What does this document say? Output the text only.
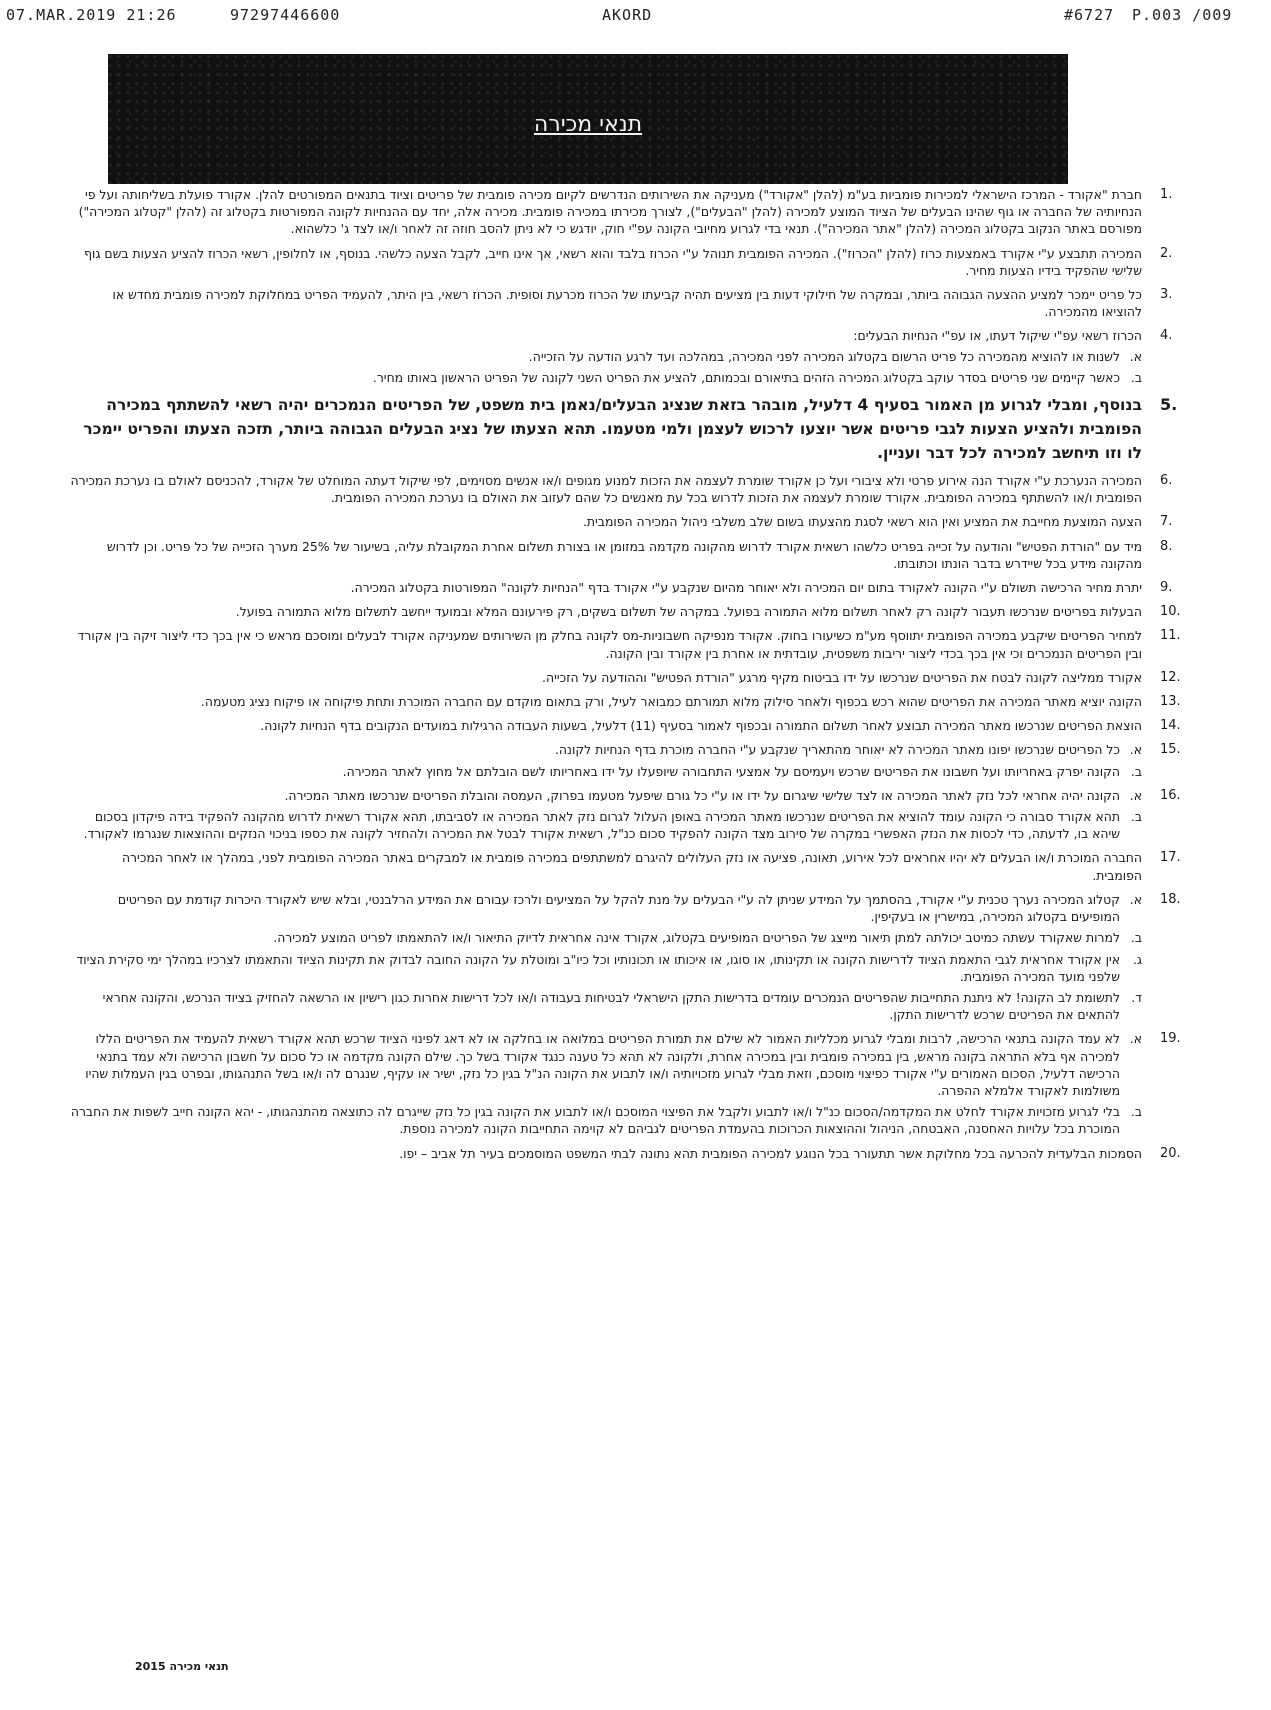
07.MAR.2019 21:26	97297446600	AKORD	#6727 P.003 /009
תנאי מכירה
1.

חברת "אקורד - המרכז הישראלי למכירות פומביות בע"מ (להלן "אקורד") מעניקה את השירותים הנדרשים לקיום מכירה פומבית של פריטים וציוד בתנאים המפורטים להלן. אקורד פועלת בשליחותה ועל פי הנחיותיה של החברה או גוף שהינו הבעלים של הציוד המוצע למכירה (להלן "הבעלים"), לצורך מכירתו במכירה פומבית. מכירה אלה, יחד עם ההנחיות לקונה המפורטות בקטלוג זה (להלן "קטלוג המכירה") מפורסם באתר הנקוב בקטלוג המכירה (להלן "אתר המכירה"). תנאי בדי לגרוע מחיובי הקונה עפ"י חוק, יודגש כי לא ניתן להסב חוזה זה לאחר ו/או לצד ג' כלשהוא.

2.

המכירה תתבצע ע"י אקורד באמצעות כרוז (להלן "הכרוז"). המכירה הפומבית תנוהל ע"י הכרוז בלבד והוא רשאי, אך אינו חייב, לקבל הצעה כלשהי. בנוסף, או לחלופין, רשאי הכרוז להציע הצעות בשם גוף שלישי שהפקיד בידיו הצעות מחיר.

3.

כל פריט יימכר למציע ההצעה הגבוהה ביותר, ובמקרה של חילוקי דעות בין מציעים תהיה קביעתו של הכרוז מכרעת וסופית. הכרוז רשאי, בין היתר, להעמיד הפריט במחלוקת למכירה פומבית מחדש או להוציאו מהמכירה.

4.

הכרוז רשאי עפ"י שיקול דעתו, או עפ"י הנחיות הבעלים:

א.
לשנות או להוציא מהמכירה כל פריט הרשום בקטלוג המכירה לפני המכירה, במהלכה ועד לרגע הודעה על הזכייה.
ב.
כאשר קיימים שני פריטים בסדר עוקב בקטלוג המכירה הזהים בתיאורם ובכמותם, להציע את הפריט השני לקונה של הפריט הראשון באותו מחיר.
5.

בנוסף, ומבלי לגרוע מן האמור בסעיף 4 דלעיל, מובהר בזאת שנציג הבעלים/נאמן בית משפט, של הפריטים הנמכרים יהיה רשאי להשתתף במכירה הפומבית ולהציע הצעות לגבי פריטים אשר יוצעו לרכוש לעצמן ולמי מטעמו. תהא הצעתו של נציג הבעלים הגבוהה ביותר, תזכה הצעתו והפריט יימכר לו וזו תיחשב למכירה לכל דבר ועניין.

6.

המכירה הנערכת ע"י אקורד הנה אירוע פרטי ולא ציבורי ועל כן אקורד שומרת לעצמה את הזכות למנוע מגופים ו/או אנשים מסוימים, לפי שיקול דעתה המוחלט של אקורד, להכניסם לאולם בו נערכת המכירה הפומבית ו/או להשתתף במכירה הפומבית. אקורד שומרת לעצמה את הזכות לדרוש בכל עת מאנשים כל שהם לעזוב את האולם בו נערכת המכירה הפומבית.

7.

הצעה המוצעת מחייבת את המציע ואין הוא רשאי לסגת מהצעתו בשום שלב משלבי ניהול המכירה הפומבית.

8.

מיד עם "הורדת הפטיש" והודעה על זכייה בפריט כלשהו רשאית אקורד לדרוש מהקונה מקדמה במזומן או בצורת תשלום אחרת המקובלת עליה, בשיעור של 25% מערך הזכייה של כל פריט. וכן לדרוש מהקונה מידע בכל שיידרש בדבר הונתו וכתובתו.

9.

יתרת מחיר הרכישה תשולם ע"י הקונה לאקורד בתום יום המכירה ולא יאוחר מהיום שנקבע ע"י אקורד בדף "הנחיות לקונה" המפורטות בקטלוג המכירה.

10.

הבעלות בפריטים שנרכשו תעבור לקונה רק לאחר תשלום מלוא התמורה בפועל. במקרה של תשלום בשקים, רק פירעונם המלא ובמועד ייחשב לתשלום מלוא התמורה בפועל.

11.

למחיר הפריטים שיקבע במכירה הפומבית יתווסף מע"מ כשיעורו בחוק. אקורד מנפיקה חשבוניות-מס לקונה בחלק מן השירותים שמעניקה אקורד לבעלים ומוסכם מראש כי אין בכך כדי ליצור זיקה בין אקורד ובין הפריטים הנמכרים וכי אין בכך בכדי ליצור יריבות משפטית, עובדתית או אחרת בין אקורד ובין הקונה.

12.

אקורד ממליצה לקונה לבטח את הפריטים שנרכשו על ידו בביטוח מקיף מרגע "הורדת הפטיש" וההודעה על הזכייה.

13.

הקונה יוציא מאתר המכירה את הפריטים שהוא רכש בכפוף ולאחר סילוק מלוא תמורתם כמבואר לעיל, ורק בתאום מוקדם עם החברה המוכרת ותחת פיקוחה או פיקוח נציג מטעמה.

14.

הוצאת הפריטים שנרכשו מאתר המכירה תבוצע לאחר תשלום התמורה ובכפוף לאמור בסעיף (11) דלעיל, בשעות העבודה הרגילות במועדים הנקובים בדף הנחיות לקונה.

15.
א.
כל הפריטים שנרכשו יפונו מאתר המכירה לא יאוחר מהתאריך שנקבע ע"י החברה מוכרת בדף הנחיות לקונה.
ב.
הקונה יפרק באחריותו ועל חשבונו את הפריטים שרכש ויעמיסם על אמצעי התחבורה שיופעלו על ידו באחריותו לשם הובלתם אל מחוץ לאתר המכירה.
16.
א.
הקונה יהיה אחראי לכל נזק לאתר המכירה או לצד שלישי שיגרום על ידו או ע"י כל גורם שיפעל מטעמו בפרוק, העמסה והובלת הפריטים שנרכשו מאתר המכירה.
ב.
תהא אקורד סבורה כי הקונה עומד להוציא את הפריטים שנרכשו מאתר המכירה באופן העלול לגרום נזק לאתר המכירה או לסביבתו, תהא אקורד רשאית לדרוש מהקונה להפקיד בידה פיקדון בסכום שיהא בו, לדעתה, כדי לכסות את הנזק האפשרי במקרה של סירוב מצד הקונה להפקיד סכום כנ"ל, רשאית אקורד לבטל את המכירה ולהחזיר לקונה את כספו בניכוי הנזקים וההוצאות שנגרמו לאקורד.
17.

החברה המוכרת ו/או הבעלים לא יהיו אחראים לכל אירוע, תאונה, פציעה או נזק העלולים להיגרם למשתתפים במכירה פומבית או למבקרים באתר המכירה הפומבית לפני, במהלך או לאחר המכירה הפומבית.

18.
א.
קטלוג המכירה נערך טכנית ע"י אקורד, בהסתמך על המידע שניתן לה ע"י הבעלים על מנת להקל על המציעים ולרכז עבורם את המידע הרלבנטי, ובלא שיש לאקורד היכרות קודמת עם הפריטים המופיעים בקטלוג המכירה, במישרין או בעקיפין.
ב.
למרות שאקורד עשתה כמיטב יכולתה למתן תיאור מייצג של הפריטים המופיעים בקטלוג, אקורד אינה אחראית לדיוק התיאור ו/או להתאמתו לפריט המוצע למכירה.
ג.
אין אקורד אחראית לגבי התאמת הציוד לדרישות הקונה או תקינותו, או סוגו, או איכותו או תכונותיו וכל כיו"ב ומוטלת על הקונה החובה לבדוק את תקינות הציוד והתאמתו לצרכיו במהלך ימי סקירת הציוד שלפני מועד המכירה הפומבית.
ד.
לתשומת לב הקונה! לא ניתנת התחייבות שהפריטים הנמכרים עומדים בדרישות התקן הישראלי לבטיחות בעבודה ו/או לכל דרישות אחרות כגון רישיון או הרשאה להחזיק בציוד הנרכש, והקונה אחראי להתאים את הפריטים שרכש לדרישות התקן.
19.
א.
לא עמד הקונה בתנאי הרכישה, לרבות ומבלי לגרוע מכלליות האמור לא שילם את תמורת הפריטים במלואה או בחלקה או לא דאג לפינוי הציוד שרכש תהא אקורד רשאית להעמיד את הפריטים הללו למכירה אף בלא התראה בקונה מראש, בין במכירה פומבית ובין במכירה אחרת, ולקונה לא תהא כל טענה כנגד אקורד בשל כך. שילם הקונה מקדמה או כל סכום על חשבון הרכישה ולא עמד בתנאי הרכישה דלעיל, הסכום האמורים ע"י אקורד כפיצוי מוסכם, וזאת מבלי לגרוע מזכויותיה ו/או לתבוע את הקונה הנ"ל בגין כל נזק, ישיר או עקיף, שנגרם לה ו/או בשל התנהגותו, ובפרט בגין העמלות שהיו משולמות לאקורד אלמלא ההפרה.
ב.
בלי לגרוע מזכויות אקורד לחלט את המקדמה/הסכום כנ"ל ו/או לתבוע ולקבל את הפיצוי המוסכם ו/או לתבוע את הקונה בגין כל נזק שייגרם לה כתוצאה מהתנהגותו, - יהא הקונה חייב לשפות את החברה המוכרת בכל עלויות האחסנה, האבטחה, הניהול וההוצאות הכרוכות בהעמדת הפריטים לגביהם לא קוימה התחייבות הקונה למכירה נוספת.
20.

הסמכות הבלעדית להכרעה בכל מחלוקת אשר תתעורר בכל הנוגע למכירה הפומבית תהא נתונה לבתי המשפט המוסמכים בעיר תל אביב – יפו.

תנאי מכירה 2015
